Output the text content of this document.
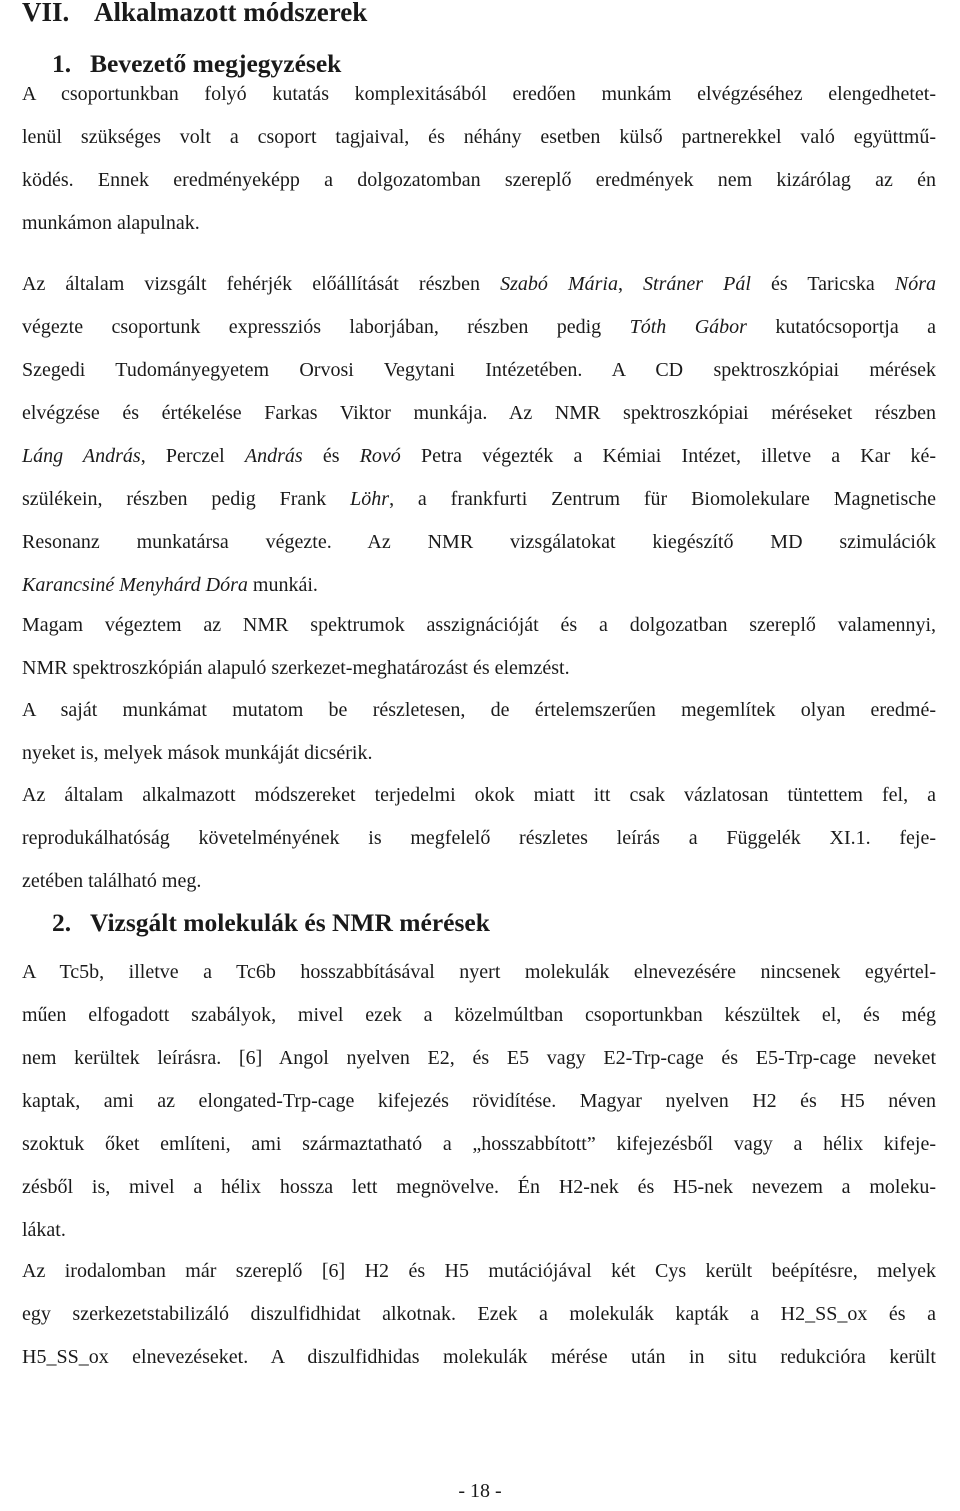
VII. Alkalmazott módszerek
1. Bevezető megjegyzések
A csoportunkban folyó kutatás komplexitásából eredően munkám elvégzéséhez elengedhetet-
lenül szükséges volt a csoport tagjaival, és néhány esetben külső partnerekkel való együttmű-
ködés. Ennek eredményeképp a dolgozatomban szereplő eredmények nem kizárólag az én
munkámon alapulnak.
Az általam vizsgált fehérjék előállítását részben Szabó Mária, Stráner Pál és Taricska Nóra
végezte csoportunk expressziós laborjában, részben pedig Tóth Gábor kutatócsoportja a
Szegedi Tudományegyetem Orvosi Vegytani Intézetében. A CD spektroszkópiai mérések
elvégzése és értékelése Farkas Viktor munkája. Az NMR spektroszkópiai méréseket részben
Láng András, Perczel András és Rovó Petra végezték a Kémiai Intézet, illetve a Kar ké-
szülékein, részben pedig Frank Löhr, a frankfurti Zentrum für Biomolekulare Magnetische
Resonanz munkatársa végezte. Az NMR vizsgálatokat kiegészítő MD szimulációk
Karancsiné Menyhárd Dóra munkái.
Magam végeztem az NMR spektrumok asszignációját és a dolgozatban szereplő valamennyi,
NMR spektroszkópián alapuló szerkezet-meghatározást és elemzést.
A saját munkámat mutatom be részletesen, de értelemszerűen megemlítek olyan eredmé-
nyeket is, melyek mások munkáját dicsérik.
Az általam alkalmazott módszereket terjedelmi okok miatt itt csak vázlatosan tüntettem fel, a
reprodukálhatóság követelményének is megfelelő részletes leírás a Függelék XI.1. feje-
zetében található meg.
2. Vizsgált molekulák és NMR mérések
A Tc5b, illetve a Tc6b hosszabbításával nyert molekulák elnevezésére nincsenek egyértel-
műen elfogadott szabályok, mivel ezek a közelmúltban csoportunkban készültek el, és még
nem kerültek leírásra. [6] Angol nyelven E2, és E5 vagy E2-Trp-cage és E5-Trp-cage neveket
kaptak, ami az elongated-Trp-cage kifejezés rövidítése. Magyar nyelven H2 és H5 néven
szoktuk őket említeni, ami származtatható a „hosszabbított” kifejezésből vagy a hélix kifeje-
zésből is, mivel a hélix hossza lett megnövelve. Én H2-nek és H5-nek nevezem a moleku-
lákat.
Az irodalomban már szereplő [6] H2 és H5 mutációjával két Cys került beépítésre, melyek
egy szerkezetstabilizáló diszulfidhidat alkotnak. Ezek a molekulák kapták a H2_SS_ox és a
H5_SS_ox elnevezéseket. A diszulfidhidas molekulák mérése után in situ redukcióra került
- 18 -
